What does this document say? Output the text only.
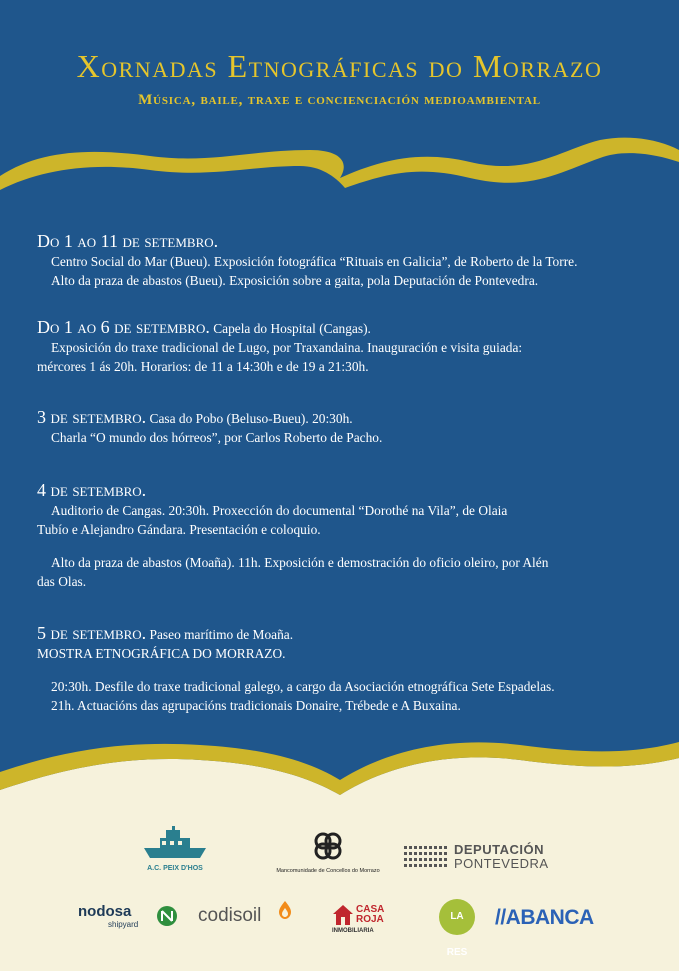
Xornadas Etnográficas do Morrazo
Música, baile, traxe e concienciación medioambiental
Do 1 ao 11 de setembro.
Centro Social do Mar (Bueu). Exposición fotográfica “Rituais en Galicia”, de Roberto de la Torre.
Alto da praza de abastos (Bueu). Exposición sobre a gaita, pola Deputación de Pontevedra.
Do 1 ao 6 de setembro. Capela do Hospital (Cangas).
Exposición do traxe tradicional de Lugo, por Traxandaina. Inauguración e visita guiada:
mércores 1 ás 20h. Horarios: de 11 a 14:30h e de 19 a 21:30h.
3 de setembro. Casa do Pobo (Beluso-Bueu). 20:30h.
Charla “O mundo dos hórreos”, por Carlos Roberto de Pacho.
4 de setembro.
Auditorio de Cangas. 20:30h. Proxección do documental “Dorothé na Vila”, de Olaia
Tubío e Alejandro Gándara. Presentación e coloquio.
Alto da praza de abastos (Moaña). 11h. Exposición e demostración do oficio oleiro, por Alén
das Olas.
5 de setembro. Paseo marítimo de Moaña.
MOSTRA ETNOGRÁFICA DO MORRAZO.
20:30h. Desfile do traxe tradicional galego, a cargo da Asociación etnográfica Sete Espadelas.
21h. Actuacións das agrupacións tradicionais Donaire, Trébede e A Buxaina.
A.C. PEIX D'HOS	Mancomunidade de Concellos do Morrazo
DEPUTACIÓN
PONTEVEDRA
nodosa
shipyard	codisoil	CASA
ROJA
INMOBILIARIA
LA RES
//ABANCA
